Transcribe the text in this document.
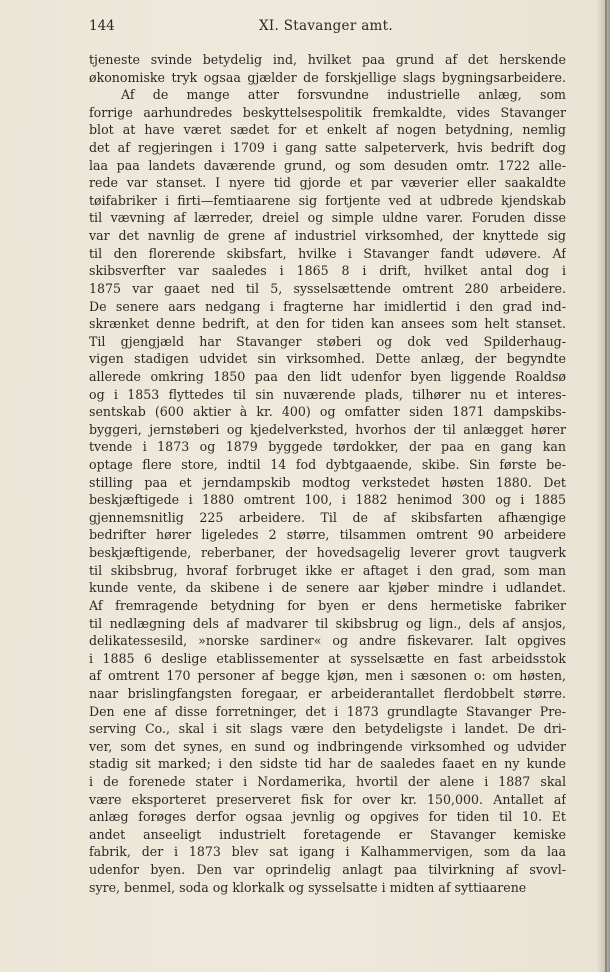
144	XI. Stavanger amt.
tjeneste svinde betydelig ind, hvilket paa grund af det herskende
økonomiske tryk ogsaa gjælder de forskjellige slags bygningsarbeidere.
Af de mange atter forsvundne industrielle anlæg, som
forrige aarhundredes beskyttelsespolitik fremkaldte, vides Stavanger
blot at have været sædet for et enkelt af nogen betydning, nemlig
det af regjeringen i 1709 i gang satte salpeterverk, hvis bedrift dog
laa paa landets daværende grund, og som desuden omtr. 1722 alle-
rede var stanset. I nyere tid gjorde et par væverier eller saakaldte
tøifabriker i firti—femtiaarene sig fortjente ved at udbrede kjendskab
til vævning af lærreder, dreiel og simple uldne varer. Foruden disse
var det navnlig de grene af industriel virksomhed, der knyttede sig
til den florerende skibsfart, hvilke i Stavanger fandt udøvere. Af
skibsverfter var saaledes i 1865 8 i drift, hvilket antal dog i
1875 var gaaet ned til 5, sysselsættende omtrent 280 arbeidere.
De senere aars nedgang i fragterne har imidlertid i den grad ind-
skrænket denne bedrift, at den for tiden kan ansees som helt stanset.
Til gjengjæld har Stavanger støberi og dok ved Spilderhaug-
vigen stadigen udvidet sin virksomhed. Dette anlæg, der begyndte
allerede omkring 1850 paa den lidt udenfor byen liggende Roaldsø
og i 1853 flyttedes til sin nuværende plads, tilhører nu et interes-
sentskab (600 aktier à kr. 400) og omfatter siden 1871 dampskibs-
byggeri, jernstøberi og kjedelverksted, hvorhos der til anlægget hører
tvende i 1873 og 1879 byggede tørdokker, der paa en gang kan
optage flere store, indtil 14 fod dybtgaaende, skibe. Sin første be-
stilling paa et jerndampskib modtog verkstedet høsten 1880. Det
beskjæftigede i 1880 omtrent 100, i 1882 henimod 300 og i 1885
gjennemsnitlig 225 arbeidere. Til de af skibsfarten afhængige
bedrifter hører ligeledes 2 større, tilsammen omtrent 90 arbeidere
beskjæftigende, reberbaner, der hovedsagelig leverer grovt taugverk
til skibsbrug, hvoraf forbruget ikke er aftaget i den grad, som man
kunde vente, da skibene i de senere aar kjøber mindre i udlandet.
Af fremragende betydning for byen er dens hermetiske fabriker
til nedlægning dels af madvarer til skibsbrug og lign., dels af ansjos,
delikatessesild, »norske sardiner« og andre fiskevarer. Ialt opgives
i 1885 6 deslige etablissementer at sysselsætte en fast arbeidsstok
af omtrent 170 personer af begge kjøn, men i sæsonen o: om høsten,
naar brislingfangsten foregaar, er arbeiderantallet flerdobbelt større.
Den ene af disse forretninger, det i 1873 grundlagte Stavanger Pre-
serving Co., skal i sit slags være den betydeligste i landet. De dri-
ver, som det synes, en sund og indbringende virksomhed og udvider
stadig sit marked; i den sidste tid har de saaledes faaet en ny kunde
i de forenede stater i Nordamerika, hvortil der alene i 1887 skal
være eksporteret preserveret fisk for over kr. 150,000. Antallet af
anlæg forøges derfor ogsaa jevnlig og opgives for tiden til 10. Et
andet anseeligt industrielt foretagende er Stavanger kemiske
fabrik, der i 1873 blev sat igang i Kalhammervigen, som da laa
udenfor byen. Den var oprindelig anlagt paa tilvirkning af svovl-
syre, benmel, soda og klorkalk og sysselsatte i midten af syttiaarene
